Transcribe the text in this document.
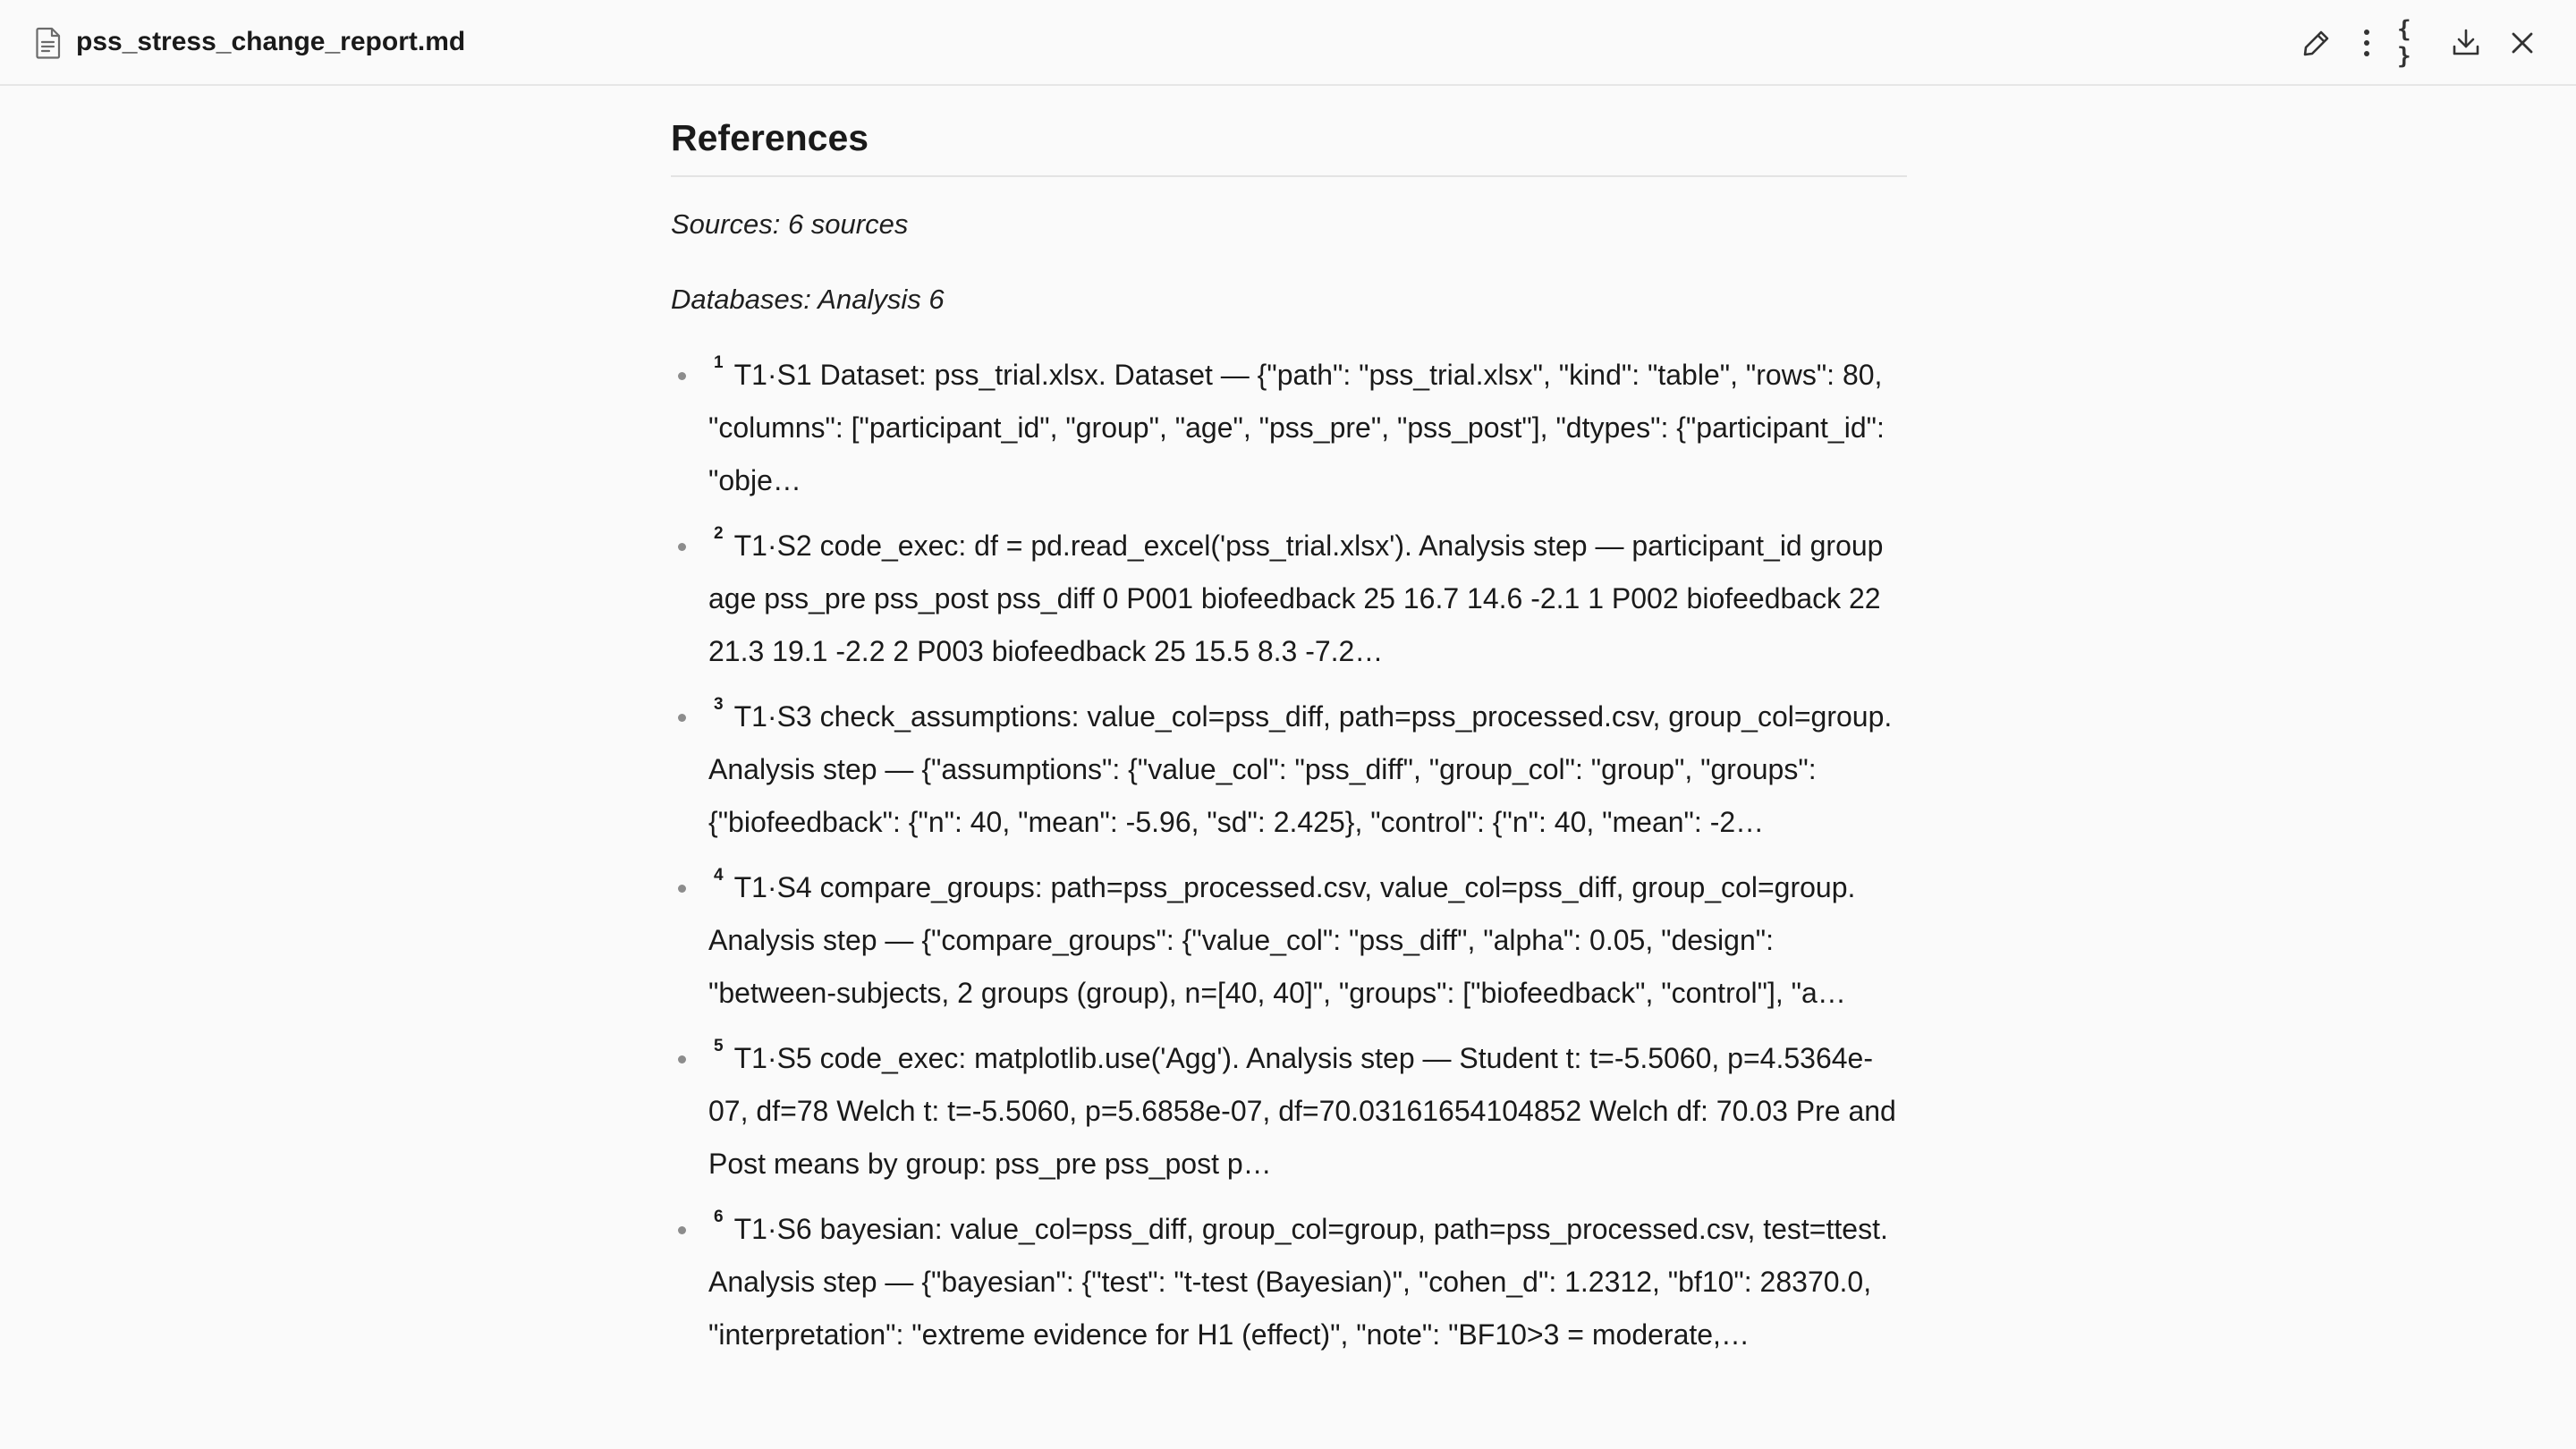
pss_stress_change_report.md	{ }
References

Sources: 6 sources

Databases: Analysis 6

1 T1·S1 Dataset: pss_trial.xlsx. Dataset — {"path": "pss_trial.xlsx", "kind": "table", "rows": 80, "columns": ["participant_id", "group", "age", "pss_pre", "pss_post"], "dtypes": {"participant_id": "obje…
2 T1·S2 code_exec: df = pd.read_excel('pss_trial.xlsx'). Analysis step — participant_id group age pss_pre pss_post pss_diff 0 P001 biofeedback 25 16.7 14.6 -2.1 1 P002 biofeedback 22 21.3 19.1 -2.2 2 P003 biofeedback 25 15.5 8.3 -7.2…
3 T1·S3 check_assumptions: value_col=pss_diff, path=pss_processed.csv, group_col=group. Analysis step — {"assumptions": {"value_col": "pss_diff", "group_col": "group", "groups": {"biofeedback": {"n": 40, "mean": -5.96, "sd": 2.425}, "control": {"n": 40, "mean": -2…
4 T1·S4 compare_groups: path=pss_processed.csv, value_col=pss_diff, group_col=group. Analysis step — {"compare_groups": {"value_col": "pss_diff", "alpha": 0.05, "design": "between-subjects, 2 groups (group), n=[40, 40]", "groups": ["biofeedback", "control"], "a…
5 T1·S5 code_exec: matplotlib.use('Agg'). Analysis step — Student t: t=-5.5060, p=4.5364e-07, df=78 Welch t: t=-5.5060, p=5.6858e-07, df=70.03161654104852 Welch df: 70.03 Pre and Post means by group: pss_pre pss_post p…
6 T1·S6 bayesian: value_col=pss_diff, group_col=group, path=pss_processed.csv, test=ttest. Analysis step — {"bayesian": {"test": "t-test (Bayesian)", "cohen_d": 1.2312, "bf10": 28370.0, "interpretation": "extreme evidence for H1 (effect)", "note": "BF10>3 = moderate,…
